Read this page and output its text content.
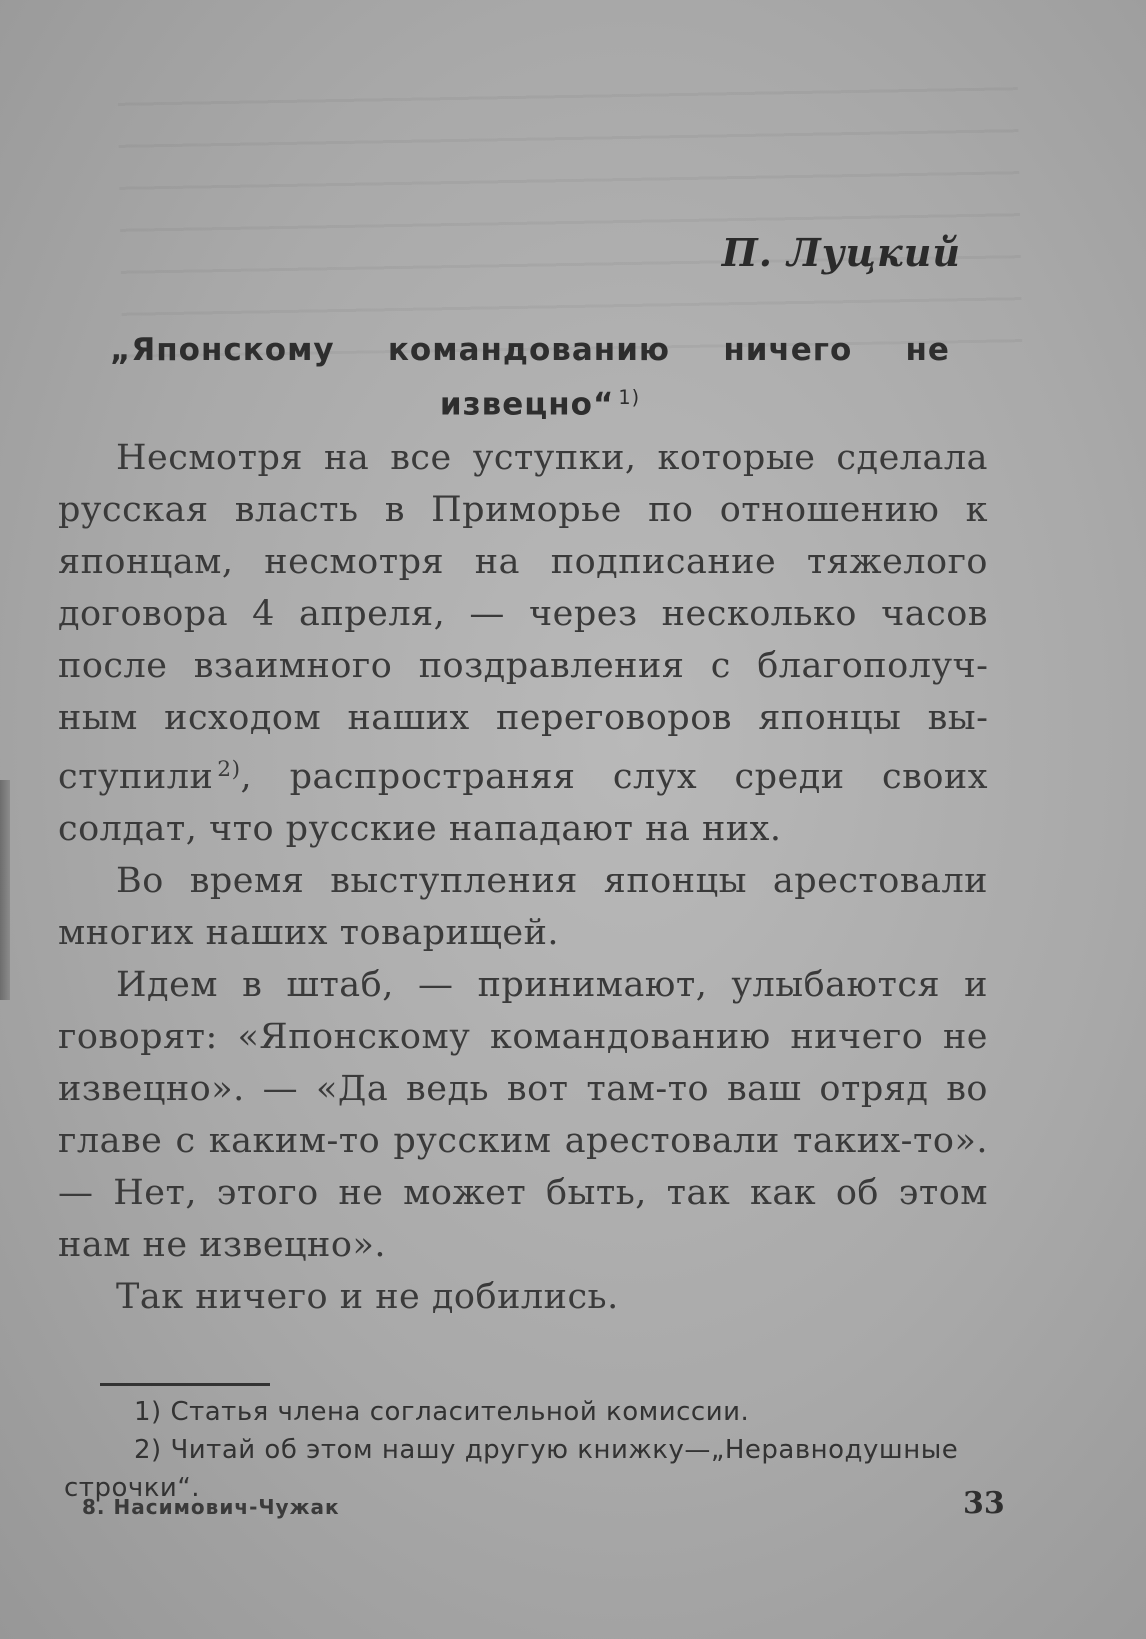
П. Луцкий
„Японскому командованию ничего не
извецно“ $^{1)}$

Несмотря на все уступки, которые сделала русская власть в Приморье по отношению к японцам, несмотря на подписание тяжелого договора 4 апреля, — через несколько часов после взаимного поздравления с благополучным исходом наших переговоров японцы выступили $^{2)}$, распространяя слух среди своих солдат, что русские нападают на них.

Во время выступления японцы арестовали многих наших товарищей.

Идем в штаб, — принимают, улыбаются и говорят: «Японскому командованию ничего не извецно». — «Да ведь вот там-то ваш отряд во главе с каким-то русским арестовали таких-то». — Нет, этого не может быть, так как об этом нам не извецно».

Так ничего и не добились.

1) Статья члена согласительной комиссии.
2) Читай об этом нашу другую книжку—„Неравнодушные строчки“.
8. Насимович-Чужак	33
